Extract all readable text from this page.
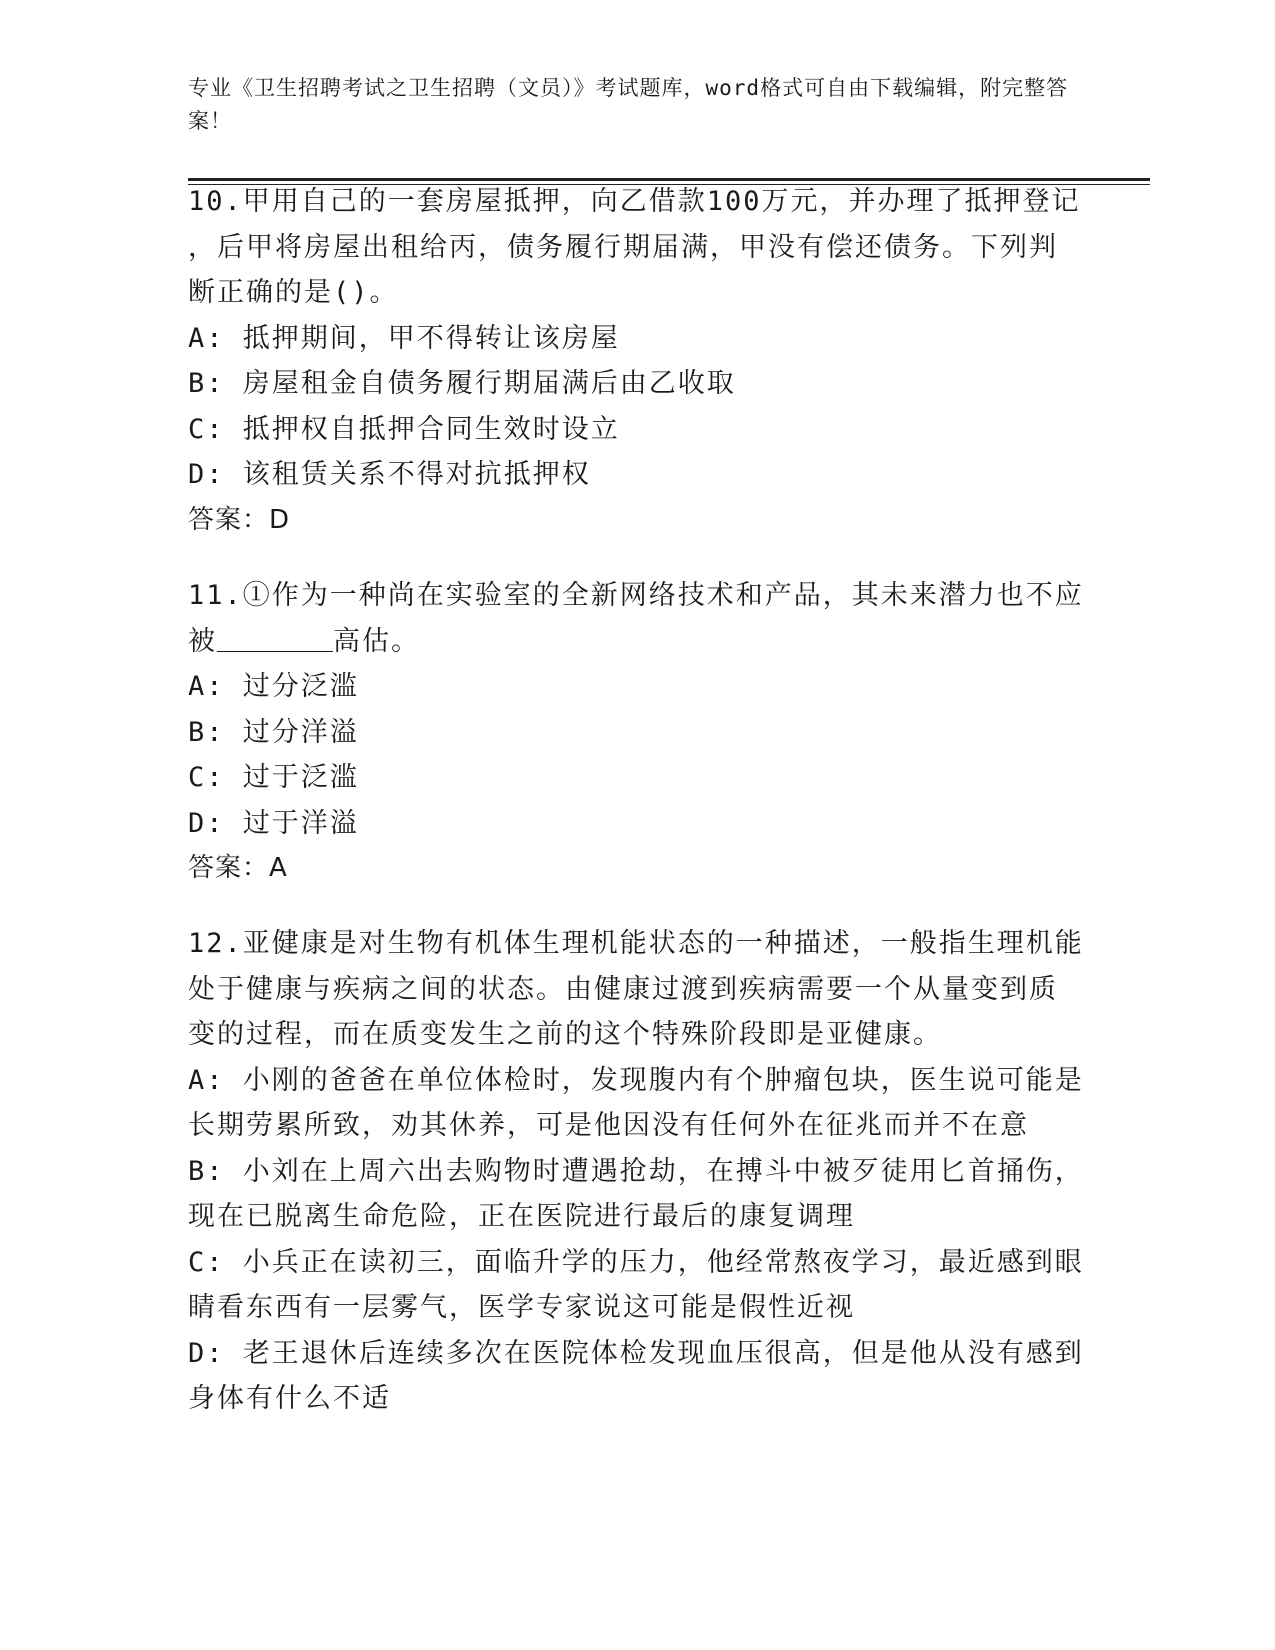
专业《卫生招聘考试之卫生招聘（文员）》考试题库，word格式可自由下载编辑，附完整答案！
10.甲用自己的一套房屋抵押，向乙借款100万元，并办理了抵押登记
，后甲将房屋出租给丙，债务履行期届满，甲没有偿还债务。下列判
断正确的是()。
A: 抵押期间，甲不得转让该房屋
B: 房屋租金自债务履行期届满后由乙收取
C: 抵押权自抵押合同生效时设立
D: 该租赁关系不得对抗抵押权
答案：D
11.①作为一种尚在实验室的全新网络技术和产品，其未来潜力也不应
被	高估。
A: 过分泛滥
B: 过分洋溢
C: 过于泛滥
D: 过于洋溢
答案：A
12.亚健康是对生物有机体生理机能状态的一种描述，一般指生理机能
处于健康与疾病之间的状态。由健康过渡到疾病需要一个从量变到质
变的过程，而在质变发生之前的这个特殊阶段即是亚健康。
A: 小刚的爸爸在单位体检时，发现腹内有个肿瘤包块，医生说可能是
长期劳累所致，劝其休养，可是他因没有任何外在征兆而并不在意
B: 小刘在上周六出去购物时遭遇抢劫，在搏斗中被歹徒用匕首捅伤，
现在已脱离生命危险，正在医院进行最后的康复调理
C: 小兵正在读初三，面临升学的压力，他经常熬夜学习，最近感到眼
睛看东西有一层雾气，医学专家说这可能是假性近视
D: 老王退休后连续多次在医院体检发现血压很高，但是他从没有感到
身体有什么不适
